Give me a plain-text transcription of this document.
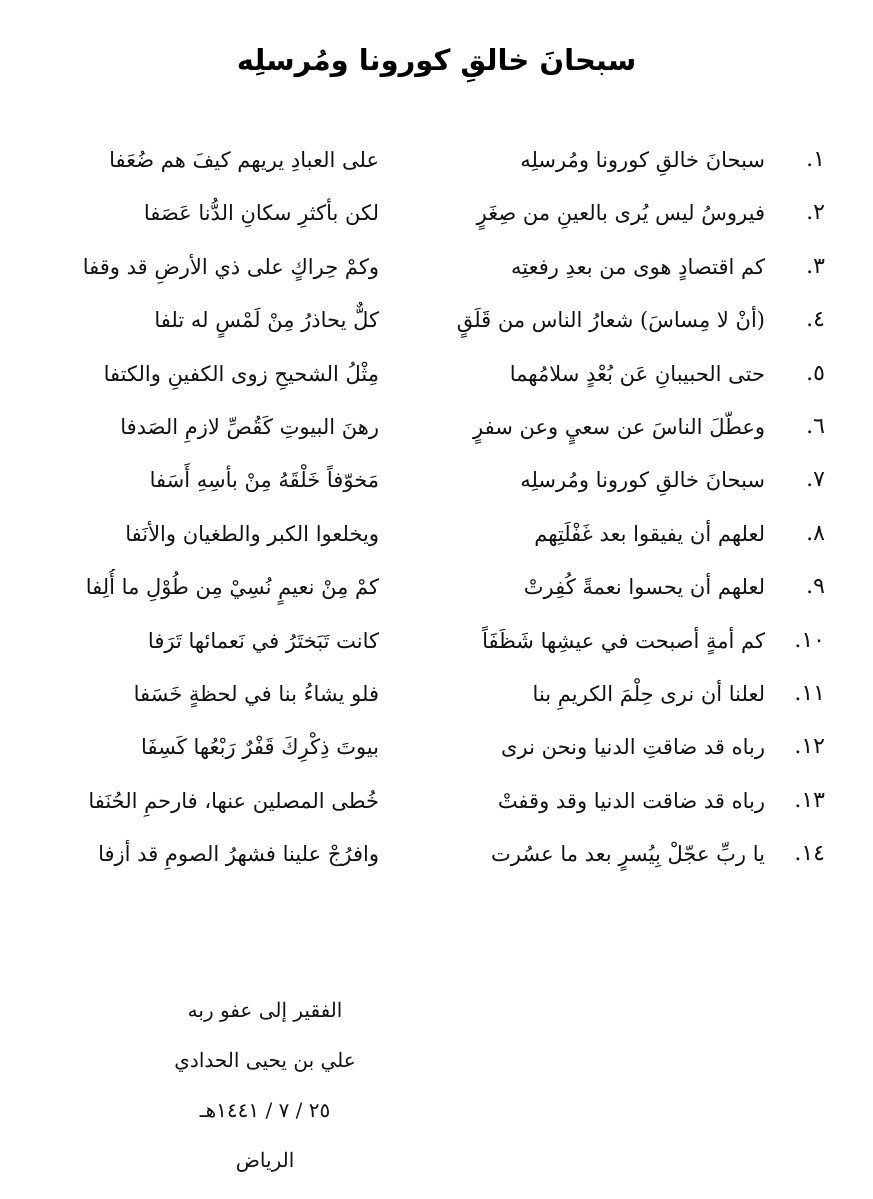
سبحانَ خالقِ كورونا ومُرسلِه
١.
سبحانَ خالقِ كورونا ومُرسلِه
على العبادِ يريهم كيفَ هم ضُعَفا
٢.
فيروسُ ليس يُرى بالعينِ من صِغَرٍ
لكن بأكثرِ سكانِ الدُّنا عَصَفا
٣.
كم اقتصادٍ هوى من بعدِ رفعتِه
وكمْ حِراكٍ على ذي الأرضِ قد وقفا
٤.
(أنْ لا مِساسَ) شعارُ الناس من قَلَقٍ
كلٌّ يحاذرُ مِنْ لَمْسٍ له تلفا
٥.
حتى الحبيبانِ عَن بُعْدٍ سلامُهما
مِثْلُ الشحيحِ زوى الكفينِ والكتفا
٦.
وعطّلَ الناسَ عن سعيٍ وعن سفرٍ
رهنَ البيوتِ كَقُصِّ لازمِ الصَدفا
٧.
سبحانَ خالقِ كورونا ومُرسلِه
مَخوّفاً خَلْقَهُ مِنْ بأسِهِ أَسَفا
٨.
لعلهم أن يفيقوا بعد غَفْلَتِهم
ويخلعوا الكبر والطغيان والأنَفا
٩.
لعلهم أن يحسوا نعمةً كُفِرتْ
كمْ مِنْ نعيمٍ نُسِيْ مِن طُوْلِ ما أُلِفا
١٠.
كم أمةٍ أصبحت في عيشِها شَظَفَاً
كانت تَبَختَرُ في نَعمائها تَرَفا
١١.
لعلنا أن نرى حِلْمَ الكريمِ بنا
فلو يشاءُ بنا في لحظةٍ خَسَفا
١٢.
رباه قد ضاقتِ الدنيا ونحن نرى
بيوتَ ذِكْرِكَ قَفْرٌ رَبْعُها كَسِفَا
١٣.
رباه قد ضاقت الدنيا وقد وقفتْ
خُطى المصلين عنها، فارحمِ الحُنَفا
١٤.
يا ربِّ عجّلْ بِيُسرٍ بعد ما عسُرت
وافرُجْ علينا فشهرُ الصومِ قد أزفا
الفقير إلى عفو ربه
علي بن يحيى الحدادي
٢٥ / ٧ / ١٤٤١هـ
الرياض
